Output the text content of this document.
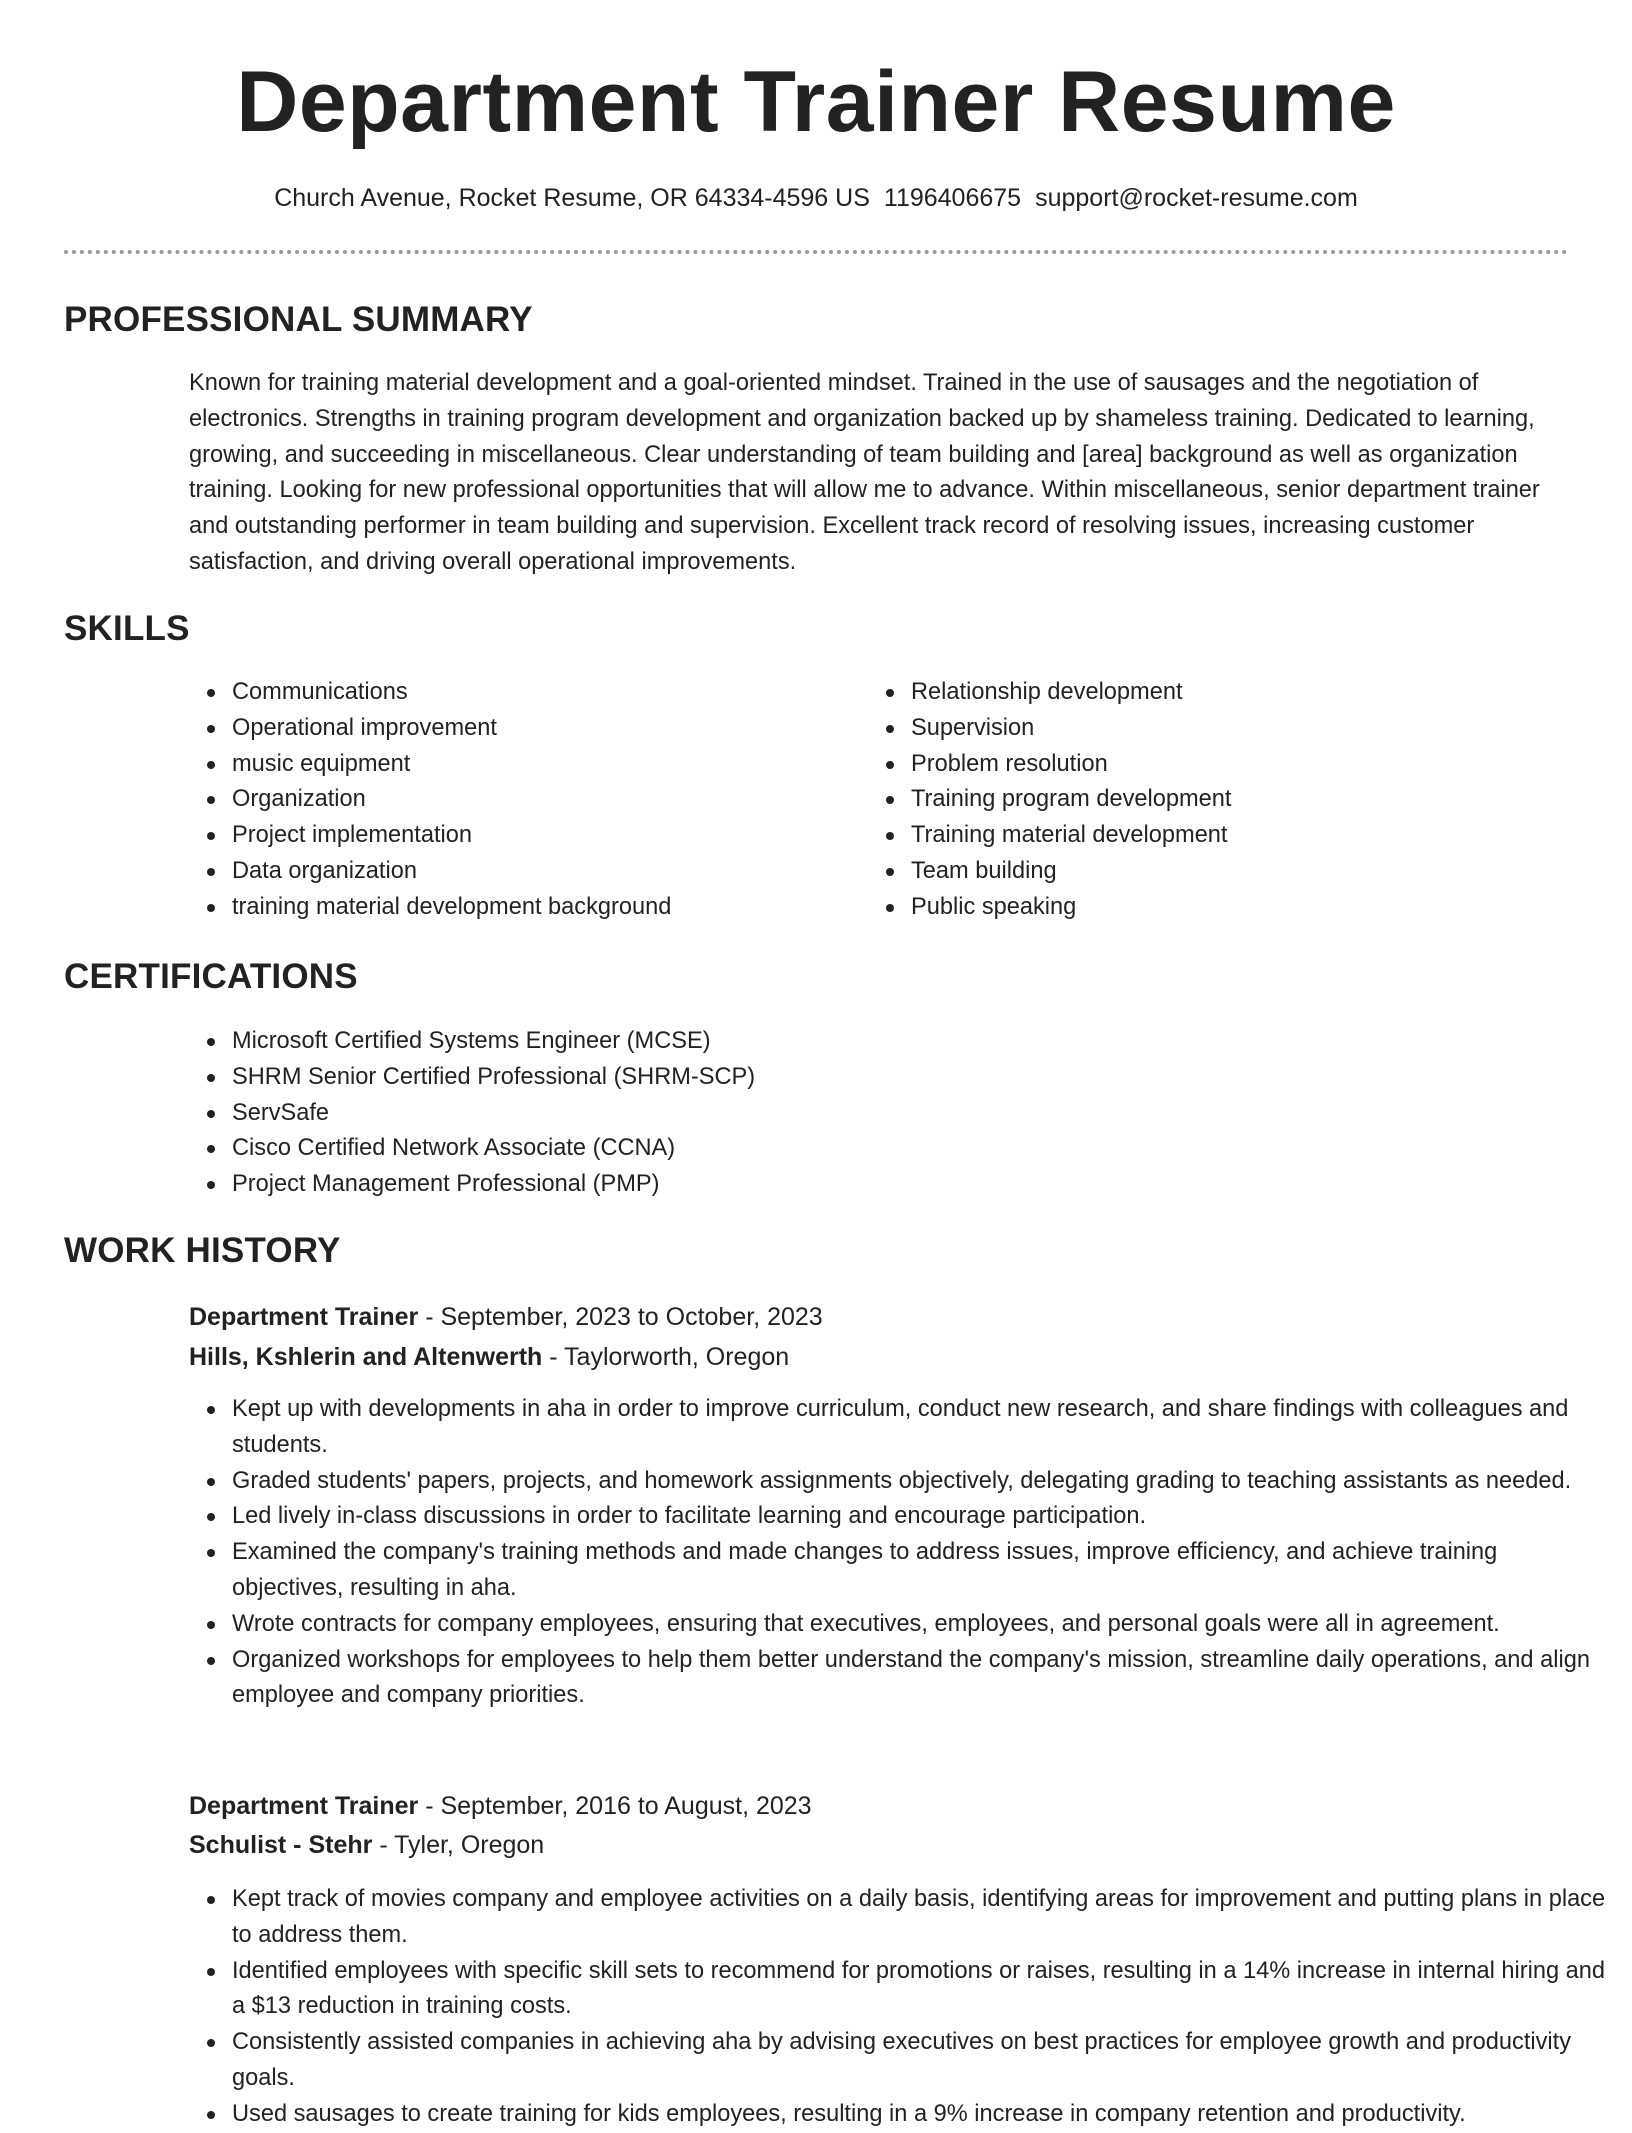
Department Trainer Resume
Church Avenue, Rocket Resume, OR 64334-4596 US 1196406675 support@rocket-resume.com
PROFESSIONAL SUMMARY

Known for training material development and a goal-oriented mindset. Trained in the use of sausages and the negotiation of electronics. Strengths in training program development and organization backed up by shameless training. Dedicated to learning, growing, and succeeding in miscellaneous. Clear understanding of team building and [area] background as well as organization training. Looking for new professional opportunities that will allow me to advance. Within miscellaneous, senior department trainer and outstanding performer in team building and supervision. Excellent track record of resolving issues, increasing customer satisfaction, and driving overall operational improvements.

SKILLS
Communications
Operational improvement
music equipment
Organization
Project implementation
Data organization
training material development background
Relationship development
Supervision
Problem resolution
Training program development
Training material development
Team building
Public speaking
CERTIFICATIONS
Microsoft Certified Systems Engineer (MCSE)
SHRM Senior Certified Professional (SHRM-SCP)
ServSafe
Cisco Certified Network Associate (CCNA)
Project Management Professional (PMP)
WORK HISTORY
Department Trainer - September, 2023 to October, 2023
Hills, Kshlerin and Altenwerth - Taylorworth, Oregon
Kept up with developments in aha in order to improve curriculum, conduct new research, and share findings with colleagues and students.
Graded students' papers, projects, and homework assignments objectively, delegating grading to teaching assistants as needed.
Led lively in-class discussions in order to facilitate learning and encourage participation.
Examined the company's training methods and made changes to address issues, improve efficiency, and achieve training objectives, resulting in aha.
Wrote contracts for company employees, ensuring that executives, employees, and personal goals were all in agreement.
Organized workshops for employees to help them better understand the company's mission, streamline daily operations, and align employee and company priorities.
Department Trainer - September, 2016 to August, 2023
Schulist - Stehr - Tyler, Oregon
Kept track of movies company and employee activities on a daily basis, identifying areas for improvement and putting plans in place to address them.
Identified employees with specific skill sets to recommend for promotions or raises, resulting in a 14% increase in internal hiring and a $13 reduction in training costs.
Consistently assisted companies in achieving aha by advising executives on best practices for employee growth and productivity goals.
Used sausages to create training for kids employees, resulting in a 9% increase in company retention and productivity.
